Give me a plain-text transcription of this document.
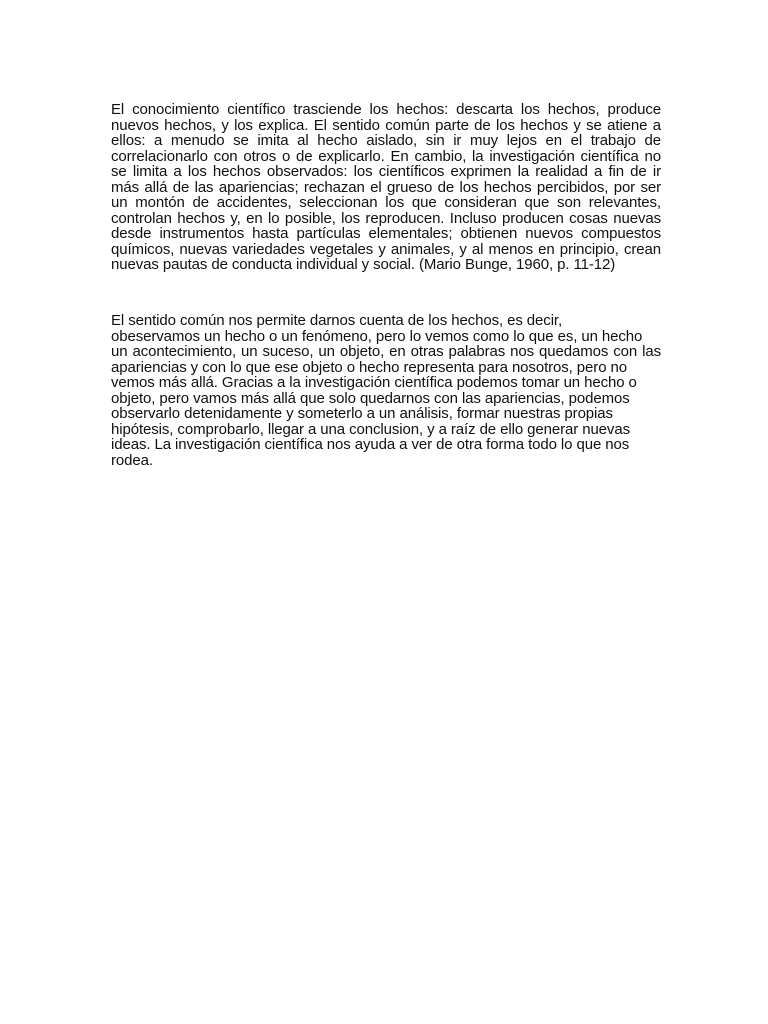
El conocimiento científico trasciende los hechos: descarta los hechos, produce
nuevos hechos, y los explica. El sentido común parte de los hechos y se atiene a
ellos: a menudo se imita al hecho aislado, sin ir muy lejos en el trabajo de
correlacionarlo con otros o de explicarlo. En cambio, la investigación científica no
se limita a los hechos observados: los científicos exprimen la realidad a fin de ir
más allá de las apariencias; rechazan el grueso de los hechos percibidos, por ser
un montón de accidentes, seleccionan los que consideran que son relevantes,
controlan hechos y, en lo posible, los reproducen. Incluso producen cosas nuevas
desde instrumentos hasta partículas elementales; obtienen nuevos compuestos
químicos, nuevas variedades vegetales y animales, y al menos en principio, crean
nuevas pautas de conducta individual y social. (Mario Bunge, 1960, p. 11-12)

El sentido común nos permite darnos cuenta de los hechos, es decir,
obeservamos un hecho o un fenómeno, pero lo vemos como lo que es, un hecho
un acontecimiento, un suceso, un objeto, en otras palabras nos quedamos con las
apariencias y con lo que ese objeto o hecho representa para nosotros, pero no
vemos más allá. Gracias a la investigación científica podemos tomar un hecho o
objeto, pero vamos más allá que solo quedarnos con las apariencias, podemos
observarlo detenidamente y someterlo a un análisis, formar nuestras propias
hipótesis, comprobarlo, llegar a una conclusion, y a raíz de ello generar nuevas
ideas. La investigación científica nos ayuda a ver de otra forma todo lo que nos
rodea.
